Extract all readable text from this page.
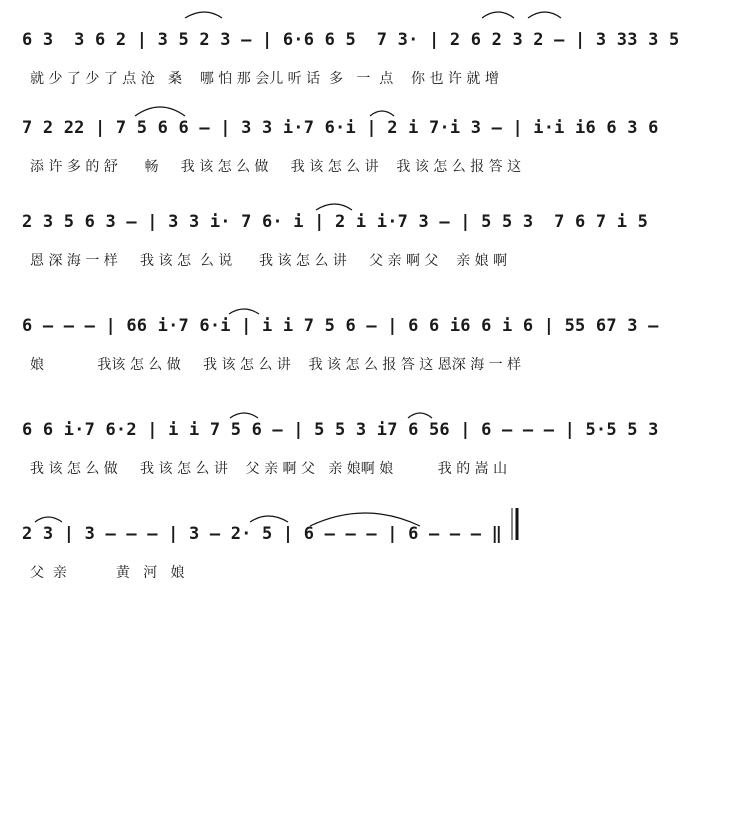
6 3  3 6 2 | 3 5 2 3 – | 6·6 6 5  7 3· | 2 6 2 3 2 – | 3 33 3 5
就 少 了 少 了 点 沧   桑    哪 怕 那 会儿 听 话  多   一  点    你 也 许 就 增
7 2 22 | 7 5 6 6 – | 3 3 i·7 6·i | 2 i 7·i 3 – | i·i i6 6 3 6
添 许 多 的 舒      畅     我 该 怎 么 做     我 该 怎 么 讲    我 该 怎 么 报 答 这
2 3 5 6 3 – | 3 3 i· 7 6· i | 2 i i·7 3 – | 5 5 3  7 6 7 i 5
恩 深 海 一 样     我 该 怎  么 说      我 该 怎 么 讲     父 亲 啊 父    亲 娘 啊
6 – – – | 66 i·7 6·i | i i 7 5 6 – | 6 6 i6 6 i 6 | 55 67 3 –
娘            我该 怎 么 做     我 该 怎 么 讲    我 该 怎 么 报 答 这 恩深 海 一 样
6 6 i·7 6·2 | i i 7 5 6 – | 5 5 3 i7 6 56 | 6 – – – | 5·5 5 3
我 该 怎 么 做     我 该 怎 么 讲    父 亲 啊 父   亲 娘啊 娘          我 的 嵩 山
2 3 | 3 – – – | 3 – 2· 5 | 6 – – – | 6 – – – ‖
父  亲           黄   河   娘
